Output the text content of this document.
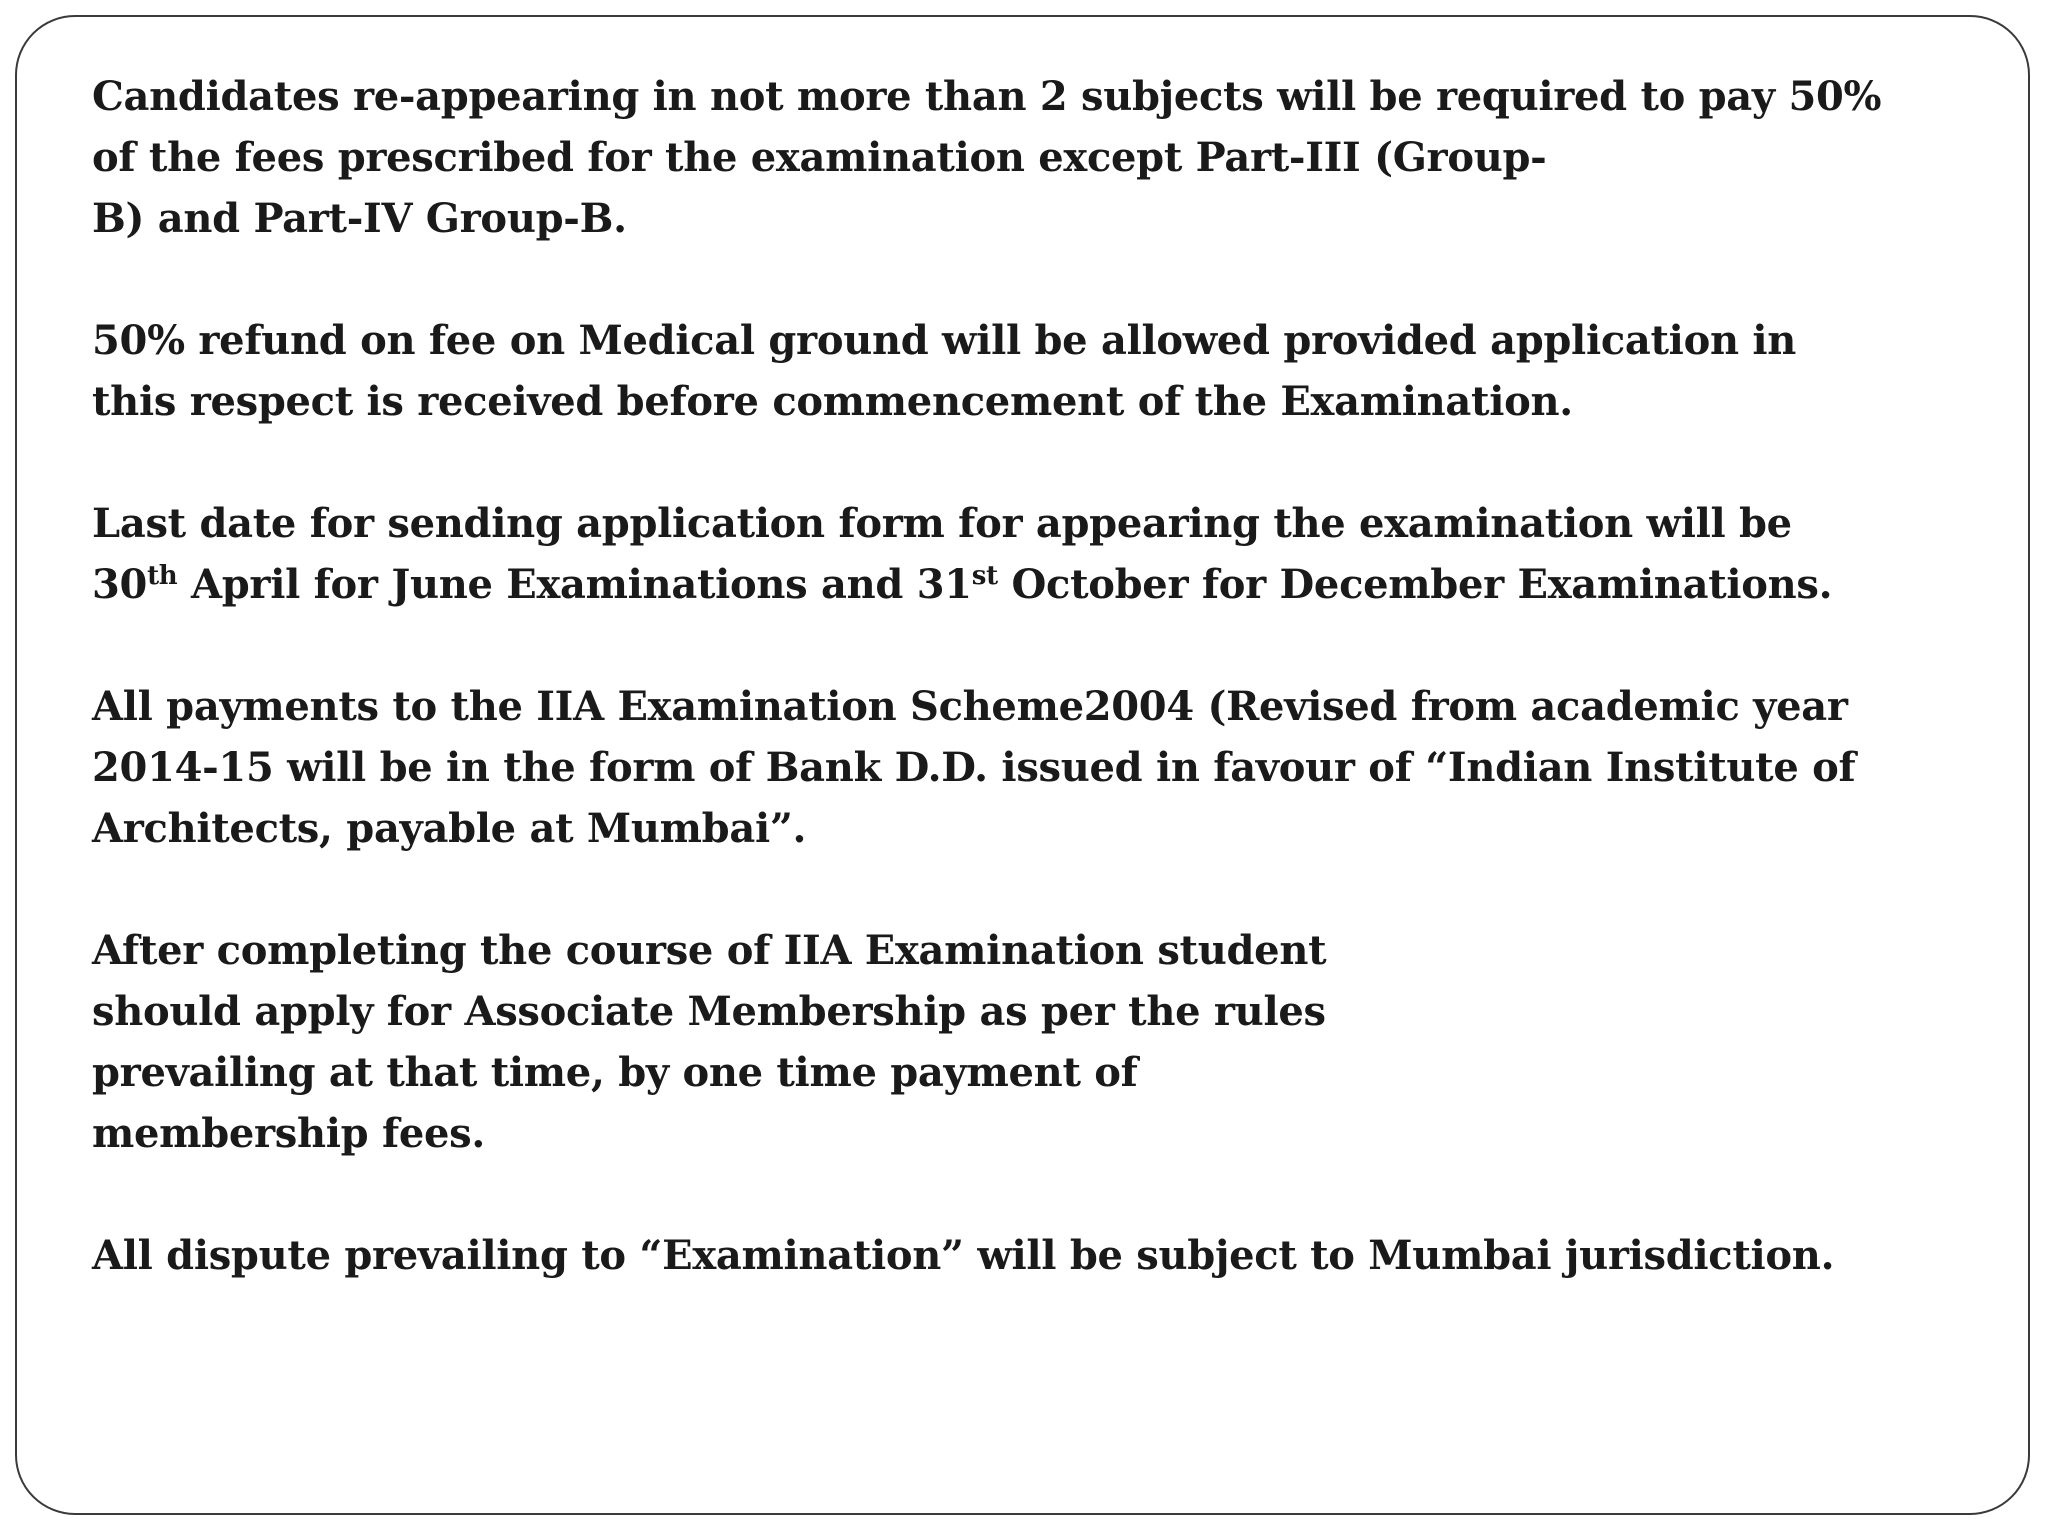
Candidates re-appearing in not more than 2 subjects will be required to pay 50%
of the fees prescribed for the examination except Part-III (Group-
B) and Part-IV Group-B.

50% refund on fee on Medical ground will be allowed provided application in
this respect is received before commencement of the Examination.

Last date for sending application form for appearing the examination will be
30th April for June Examinations and 31st October for December Examinations.

All payments to the IIA Examination Scheme2004 (Revised from academic year
2014-15 will be in the form of Bank D.D. issued in favour of “Indian Institute of
Architects, payable at Mumbai”.

After completing the course of IIA Examination student
should apply for Associate Membership as per the rules
prevailing at that time, by one time payment of
membership fees.

All dispute prevailing to “Examination” will be subject to Mumbai jurisdiction.
